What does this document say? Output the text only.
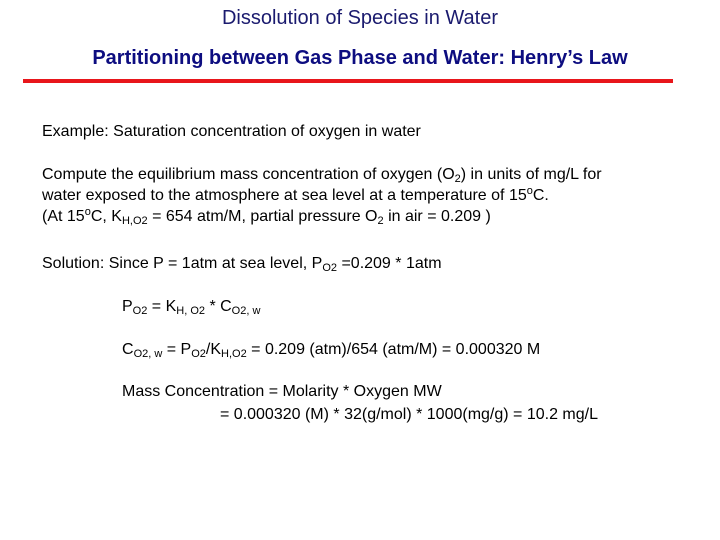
Dissolution of Species in Water
Partitioning between Gas Phase and Water: Henry’s Law
Example: Saturation concentration of oxygen in water
Compute the equilibrium mass concentration of oxygen $(O_2)$ in units of mg/L for
water exposed to the atmosphere at sea level at a temperature of 15$^o$C.
(At 15$^o$C, $K_{H,O2} = 654$ atm/M, partial pressure $O_2$ in air = 0.209 )
Solution: Since P = 1atm at sea level, $P_{O2} =0.209 * 1atm$
$P_{O2} = K_{H, O2} * C_{O2, w}$
$C_{O2, w} = P_{O2}/K_{H,O2} = 0.209$ (atm)/654 (atm/M) = 0.000320 M
Mass Concentration = Molarity * Oxygen MW
= 0.000320 (M) * 32(g/mol) * 1000(mg/g) = 10.2 mg/L
